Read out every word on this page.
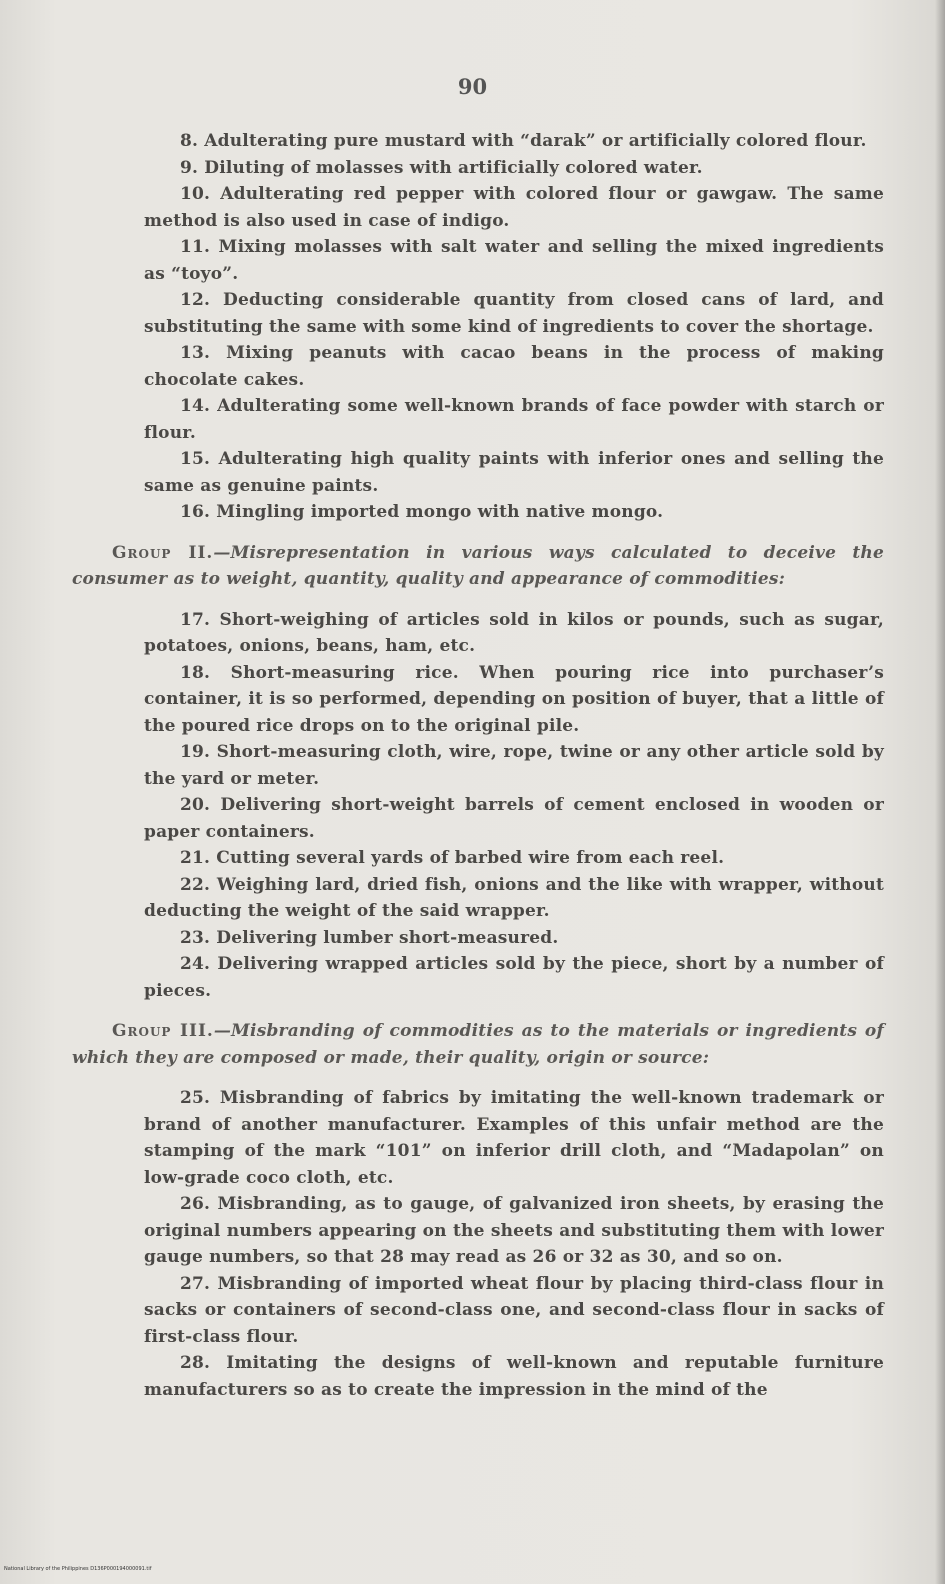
90

8. Adulterating pure mustard with “darak” or artificially colored flour.

9. Diluting of molasses with artificially colored water.

10. Adulterating red pepper with colored flour or gawgaw. The same method is also used in case of indigo.

11. Mixing molasses with salt water and selling the mixed ingredients as “toyo”.

12. Deducting considerable quantity from closed cans of lard, and substituting the same with some kind of ingredients to cover the shortage.

13. Mixing peanuts with cacao beans in the process of making chocolate cakes.

14. Adulterating some well-known brands of face powder with starch or flour.

15. Adulterating high quality paints with inferior ones and selling the same as genuine paints.

16. Mingling imported mongo with native mongo.

Group II.—Misrepresentation in various ways calculated to deceive the consumer as to weight, quantity, quality and appearance of commodities:

17. Short-weighing of articles sold in kilos or pounds, such as sugar, potatoes, onions, beans, ham, etc.

18. Short-measuring rice. When pouring rice into purchaser’s container, it is so performed, depending on position of buyer, that a little of the poured rice drops on to the original pile.

19. Short-measuring cloth, wire, rope, twine or any other article sold by the yard or meter.

20. Delivering short-weight barrels of cement enclosed in wooden or paper containers.

21. Cutting several yards of barbed wire from each reel.

22. Weighing lard, dried fish, onions and the like with wrapper, without deducting the weight of the said wrapper.

23. Delivering lumber short-measured.

24. Delivering wrapped articles sold by the piece, short by a number of pieces.

Group III.—Misbranding of commodities as to the materials or ingredients of which they are composed or made, their quality, origin or source:

25. Misbranding of fabrics by imitating the well-known trademark or brand of another manufacturer. Examples of this unfair method are the stamping of the mark “101” on inferior drill cloth, and “Madapolan” on low-grade coco cloth, etc.

26. Misbranding, as to gauge, of galvanized iron sheets, by erasing the original numbers appearing on the sheets and substituting them with lower gauge numbers, so that 28 may read as 26 or 32 as 30, and so on.

27. Misbranding of imported wheat flour by placing third-class flour in sacks or containers of second-class one, and second-class flour in sacks of first-class flour.

28. Imitating the designs of well-known and reputable furniture manufacturers so as to create the impression in the mind of the

National Library of the Philippines D136P000194000091.tif
